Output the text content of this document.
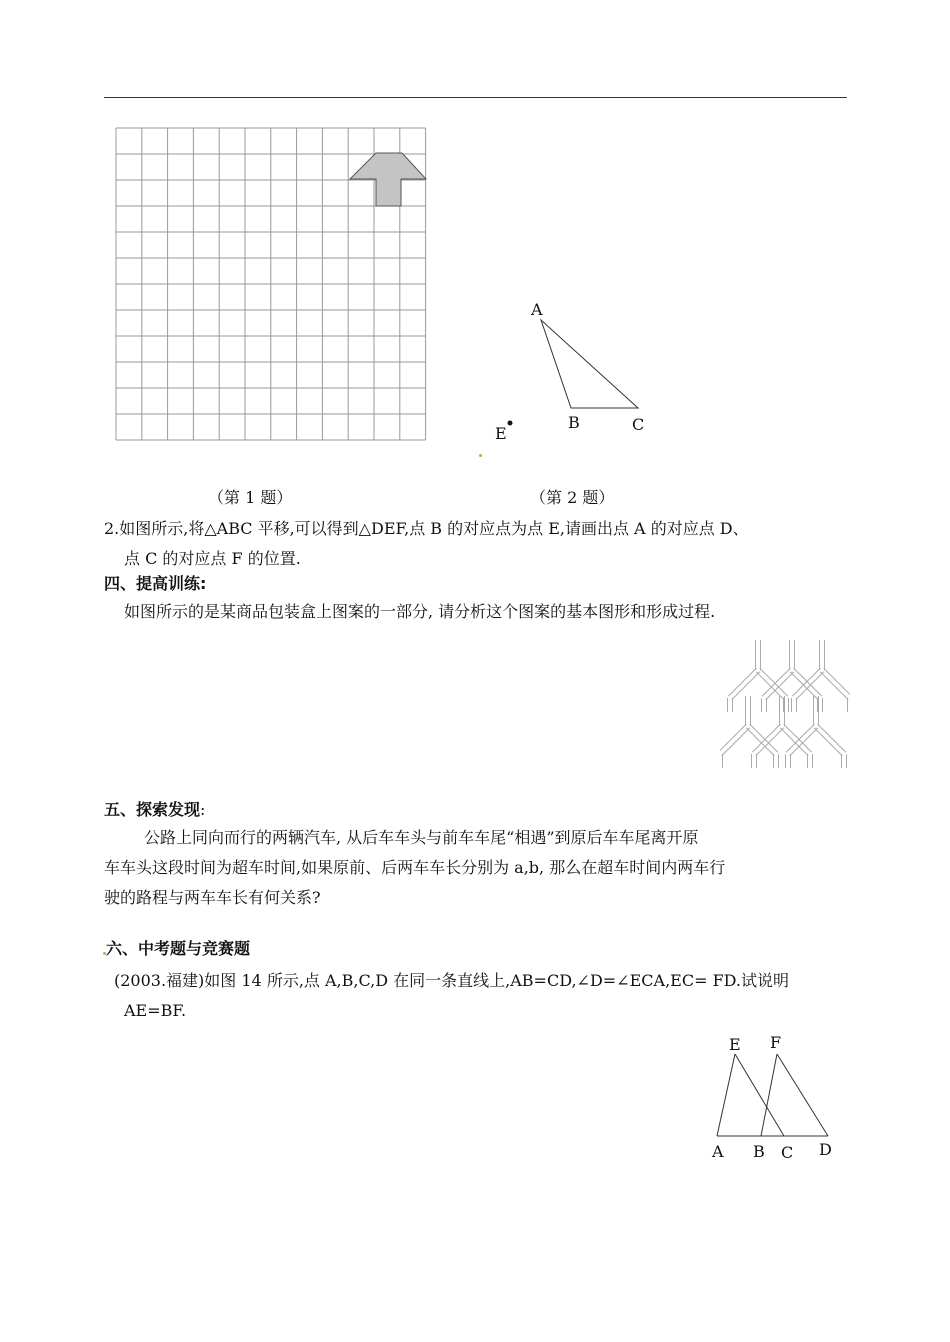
A
B	C
E
（第 1 题）	（第 2 题）
2.如图所示,将△ABC 平移,可以得到△DEF,点 B 的对应点为点 E,请画出点 A 的对应点 D、
点 C 的对应点 F 的位置.
四、提高训练:
如图所示的是某商品包装盒上图案的一部分, 请分析这个图案的基本图形和形成过程.
五、探索发现:
公路上同向而行的两辆汽车, 从后车车头与前车车尾“相遇”到原后车车尾离开原
车车头这段时间为超车时间,如果原前、后两车车长分别为 a,b, 那么在超车时间内两车行
驶的路程与两车车长有何关系?
六、中考题与竞赛题
(2003.福建)如图 14 所示,点 A,B,C,D 在同一条直线上,AB=CD,∠D=∠ECA,EC= FD.试说明
AE=BF.
E F
A B C D
